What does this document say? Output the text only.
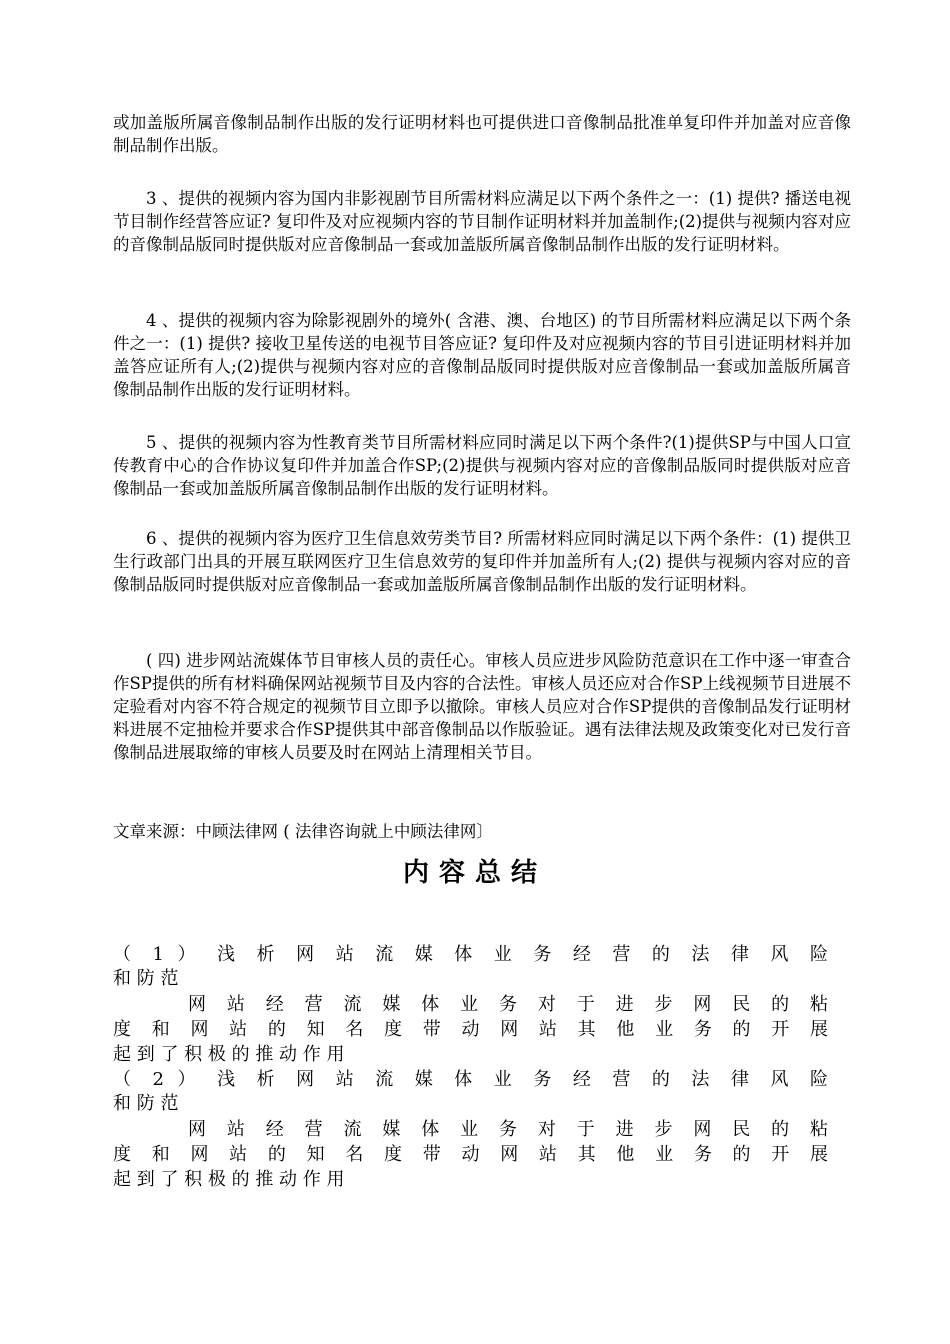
或加盖版所属音像制品制作出版的发行证明材料也可提供进口音像制品批准单复印件并加盖对应音像制品制作出版。

3 、提供的视频内容为国内非影视剧节目所需材料应满足以下两个条件之一：(1) 提供? 播送电视节目制作经营答应证? 复印件及对应视频内容的节目制作证明材料并加盖制作;(2)提供与视频内容对应的音像制品版同时提供版对应音像制品一套或加盖版所属音像制品制作出版的发行证明材料。

4 、提供的视频内容为除影视剧外的境外( 含港、澳、台地区) 的节目所需材料应满足以下两个条件之一：(1) 提供? 接收卫星传送的电视节目答应证? 复印件及对应视频内容的节目引进证明材料并加盖答应证所有人;(2)提供与视频内容对应的音像制品版同时提供版对应音像制品一套或加盖版所属音像制品制作出版的发行证明材料。

5 、提供的视频内容为性教育类节目所需材料应同时满足以下两个条件?(1)提供SP与中国人口宣传教育中心的合作协议复印件并加盖合作SP;(2)提供与视频内容对应的音像制品版同时提供版对应音像制品一套或加盖版所属音像制品制作出版的发行证明材料。

6 、提供的视频内容为医疗卫生信息效劳类节目? 所需材料应同时满足以下两个条件：(1) 提供卫生行政部门出具的开展互联网医疗卫生信息效劳的复印件并加盖所有人;(2) 提供与视频内容对应的音像制品版同时提供版对应音像制品一套或加盖版所属音像制品制作出版的发行证明材料。

( 四) 进步网站流媒体节目审核人员的责任心。审核人员应进步风险防范意识在工作中逐一审查合作SP提供的所有材料确保网站视频节目及内容的合法性。审核人员还应对合作SP上线视频节目进展不定验看对内容不符合规定的视频节目立即予以撤除。审核人员应对合作SP提供的音像制品发行证明材料进展不定抽检并要求合作SP提供其中部音像制品以作版验证。遇有法律法规及政策变化对已发行音像制品进展取缔的审核人员要及时在网站上清理相关节目。

文章来源：中顾法律网 ( 法律咨询就上中顾法律网〕

内容总结

（ 1 ） 浅 析 网 站 流 媒 体 业 务 经 营 的 法 律 风 险

和 防 范

网 站 经 营 流 媒 体 业 务 对 于 进 步 网 民 的 粘

度 和 网 站 的 知 名 度 带 动 网 站 其 他 业 务 的 开 展

起 到 了 积 极 的 推 动 作 用

（ 2 ） 浅 析 网 站 流 媒 体 业 务 经 营 的 法 律 风 险

和 防 范

网 站 经 营 流 媒 体 业 务 对 于 进 步 网 民 的 粘

度 和 网 站 的 知 名 度 带 动 网 站 其 他 业 务 的 开 展

起 到 了 积 极 的 推 动 作 用
